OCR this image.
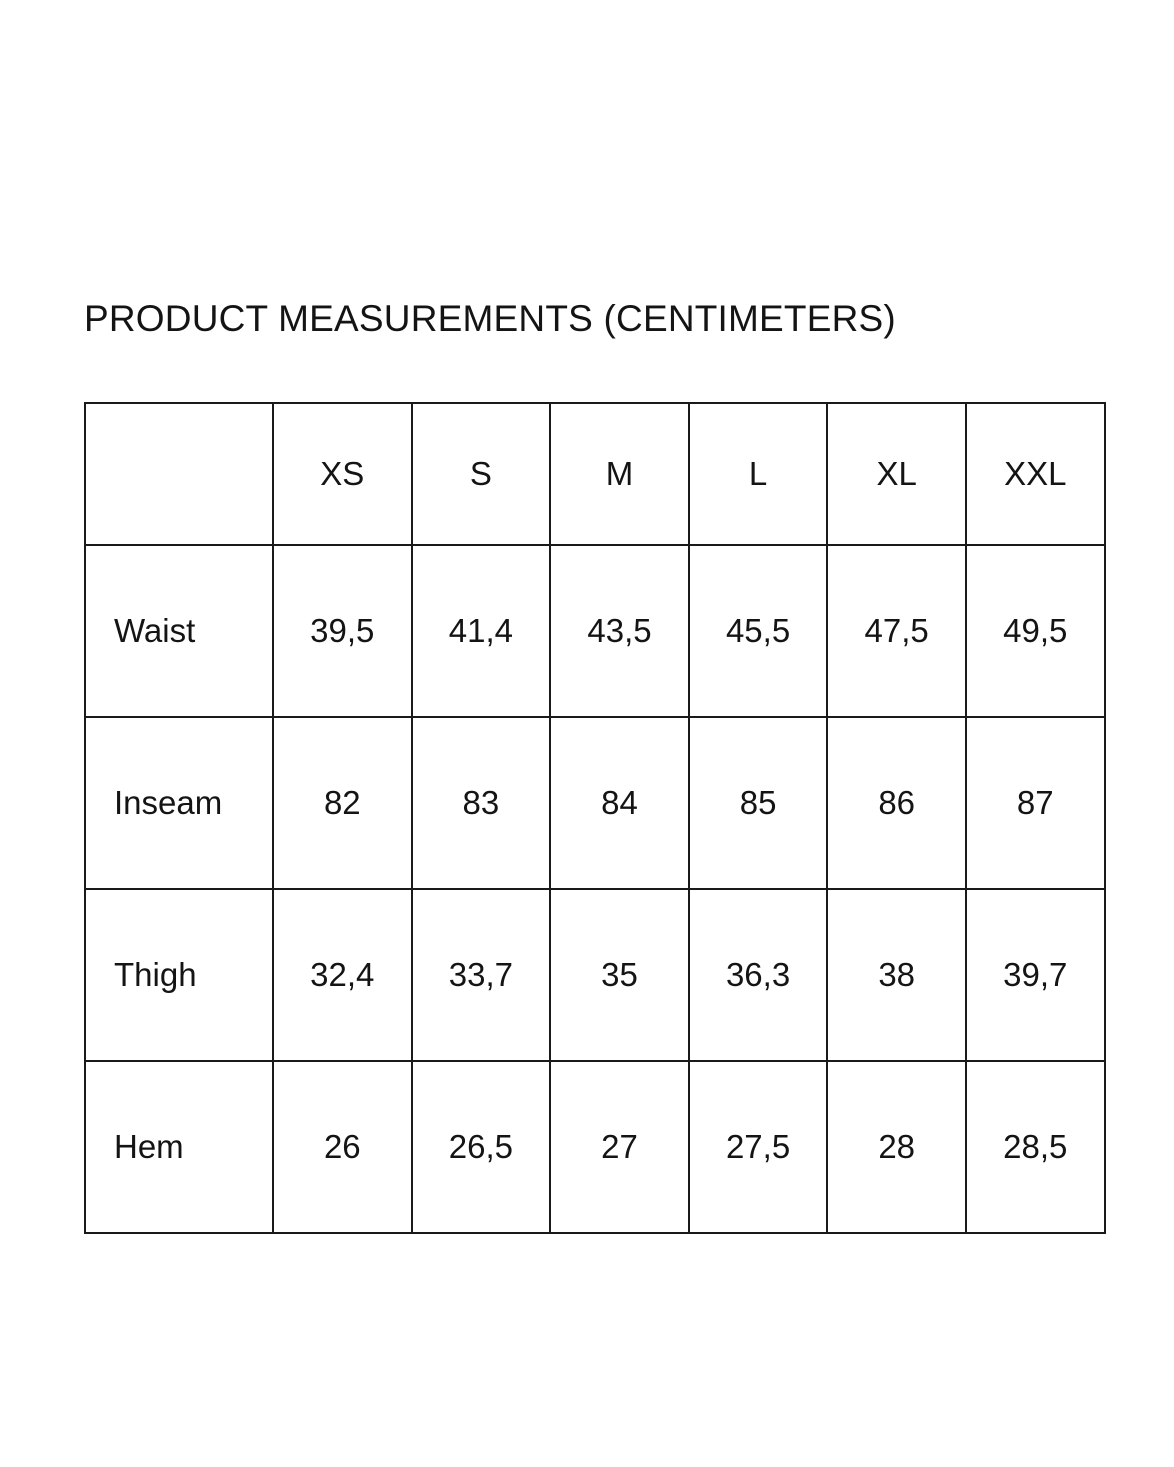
PRODUCT MEASUREMENTS (CENTIMETERS)
	XS	S	M	L	XL	XXL
Waist	39,5	41,4	43,5	45,5	47,5	49,5
Inseam	82	83	84	85	86	87
Thigh	32,4	33,7	35	36,3	38	39,7
Hem	26	26,5	27	27,5	28	28,5
